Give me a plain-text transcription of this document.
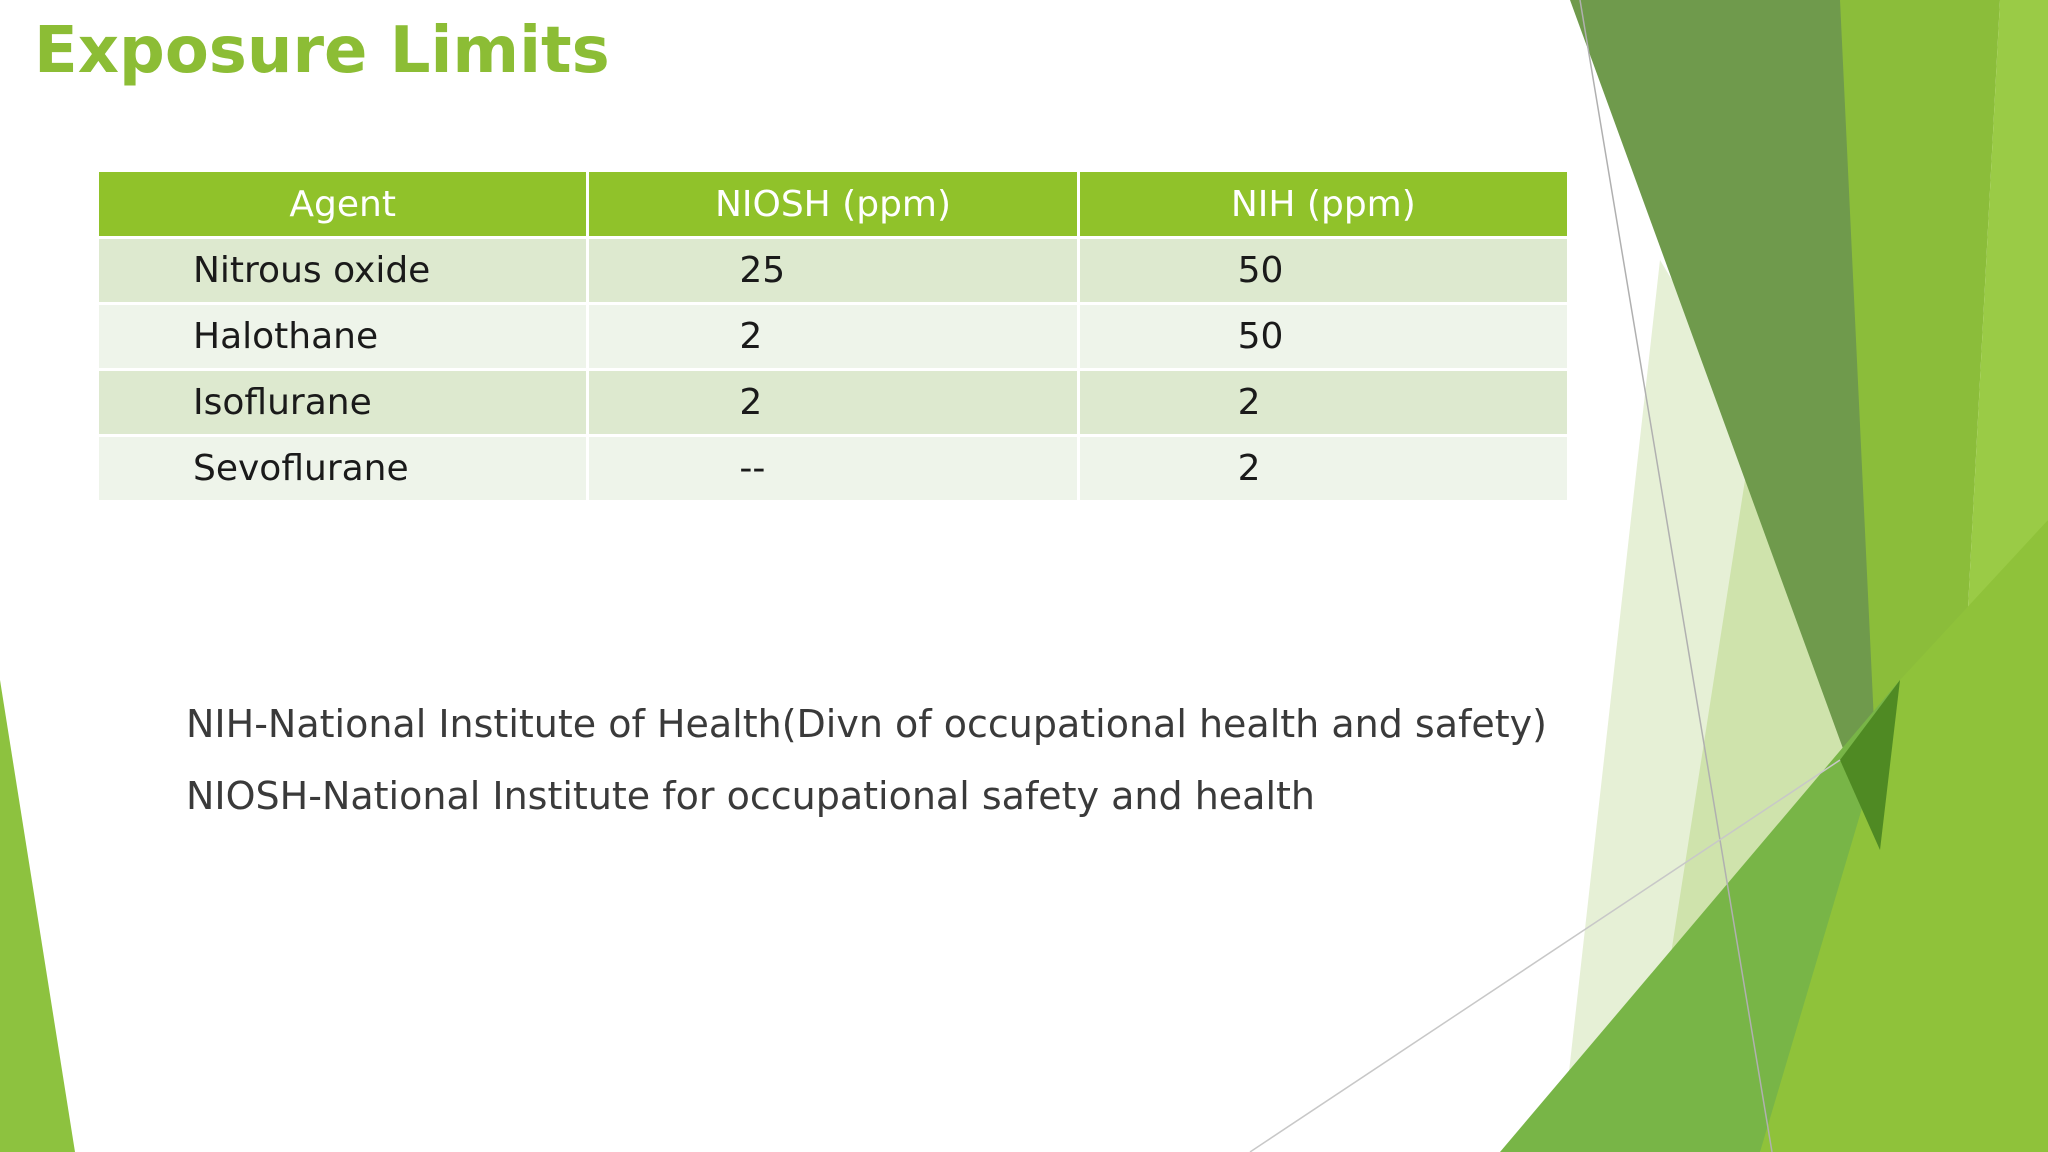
Exposure Limits
Agent	NIOSH (ppm)	NIH (ppm)
Nitrous oxide	25	50
Halothane	2	50
Isoflurane	2	2
Sevoflurane	--	2
NIH-National Institute of Health(Divn of occupational health and safety)
NIOSH-National Institute for occupational safety and health
